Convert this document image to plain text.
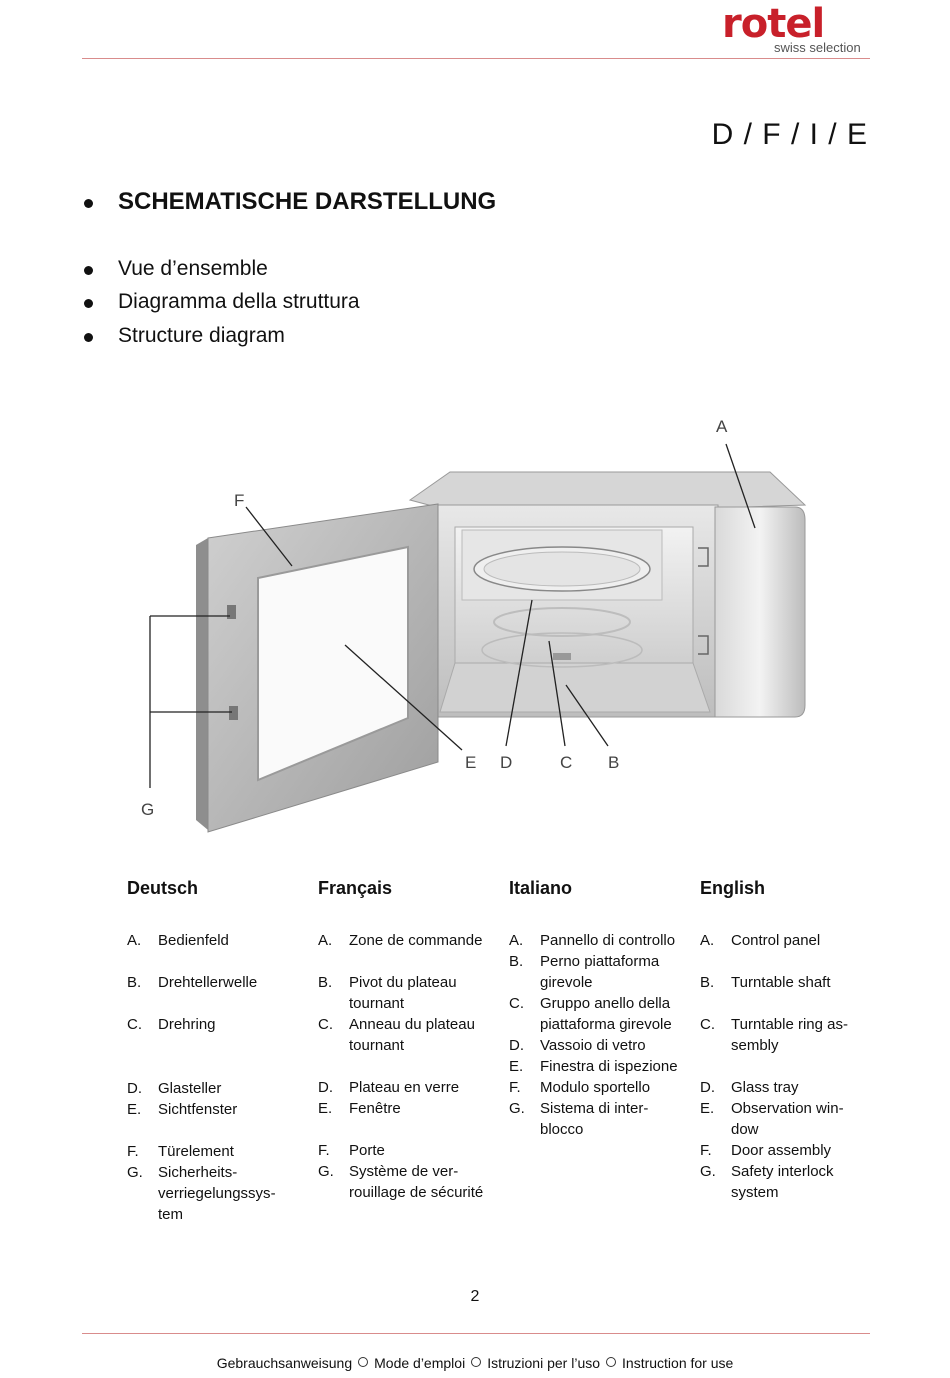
rotel
swiss selection
D / F / I / E
SCHEMATISCHE DARSTELLUNG
Vue d’ensemble
Diagramma della struttura
Structure diagram
A
B
C
D
E
F
G
Deutsch
A. Bedienfeld
B. Drehtellerwelle
C. Drehring
D. Glasteller
E. Sichtfenster
F. Türelement
G. Sicherheitsverriegelungssystem
Français
A. Zone de commande
B. Pivot du plateau tournant
C. Anneau du plateau tournant
D. Plateau en verre
E. Fenêtre
F. Porte
G. Système de verrouillage de sécurité
Italiano
A. Pannello di controllo
B. Perno piattaforma girevole
C. Gruppo anello della piattaforma girevole
D. Vassoio di vetro
E. Finestra di ispezione
F. Modulo sportello
G. Sistema di interblocco
English
A. Control panel
B. Turntable shaft
C. Turntable ring assembly
D. Glass tray
E. Observation window
F. Door assembly
G. Safety interlock system
2
Gebrauchsanweisung Mode d’emploi Istruzioni per l’uso Instruction for use
